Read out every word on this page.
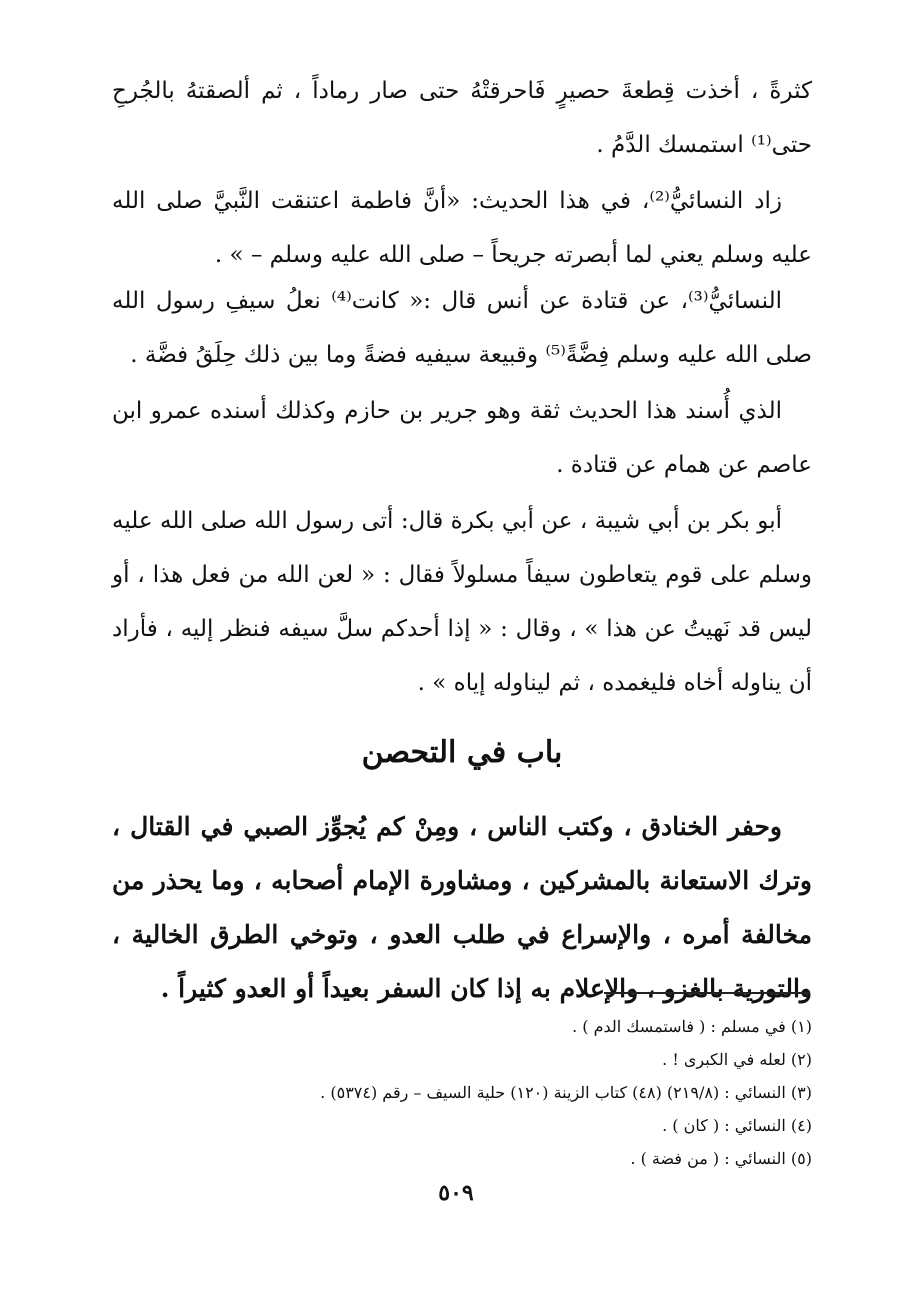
كثرةً ، أخذت قِطعةَ حصيرٍ فَاحرقتْهُ حتى صار رماداً ، ثم ألصقتهُ بالجُرحِ حتى⁽¹⁾ استمسك الدَّمُ .

زاد النسائيُّ⁽²⁾، في هذا الحديث: «أنَّ فاطمة اعتنقت النَّبيَّ صلى الله عليه وسلم يعني لما أبصرته جريحاً – صلى الله عليه وسلم – » .

النسائيُّ⁽³⁾، عن قتادة عن أنس قال :« كانت⁽⁴⁾ نعلُ سيفِ رسول الله صلى الله عليه وسلم فِضَّةً⁽⁵⁾ وقبيعة سيفيه فضةً وما بين ذلك حِلَقُ فضَّة .

الذي أُسند هذا الحديث ثقة وهو جرير بن حازم وكذلك أسنده عمرو ابن عاصم عن همام عن قتادة .

أبو بكر بن أبي شيبة ، عن أبي بكرة قال: أتى رسول الله صلى الله عليه وسلم على قوم يتعاطون سيفاً مسلولاً فقال : « لعن الله من فعل هذا ، أو ليس قد نَهيتُ عن هذا » ، وقال : « إذا أحدكم سلَّ سيفه فنظر إليه ، فأراد أن يناوله أخاه فليغمده ، ثم ليناوله إياه » .

باب في التحصن

وحفر الخنادق ، وكتب الناس ، ومِنْ كم يُجوِّز الصبي في القتال ، وترك الاستعانة بالمشركين ، ومشاورة الإمام أصحابه ، وما يحذر من مخالفة أمره ، والإسراع في طلب العدو ، وتوخي الطرق الخالية ، والتورية بالغزو ، والإعلام به إذا كان السفر بعيداً أو العدو كثيراً .

(١) في مسلم : ( فاستمسك الدم ) .

(٢) لعله في الكبرى ! .

(٣) النسائي : (٢١٩/٨) (٤٨) كتاب الزينة (١٢٠) حلية السيف – رقم (٥٣٧٤) .

(٤) النسائي : ( كان ) .

(٥) النسائي : ( من فضة ) .

٥٠٩
